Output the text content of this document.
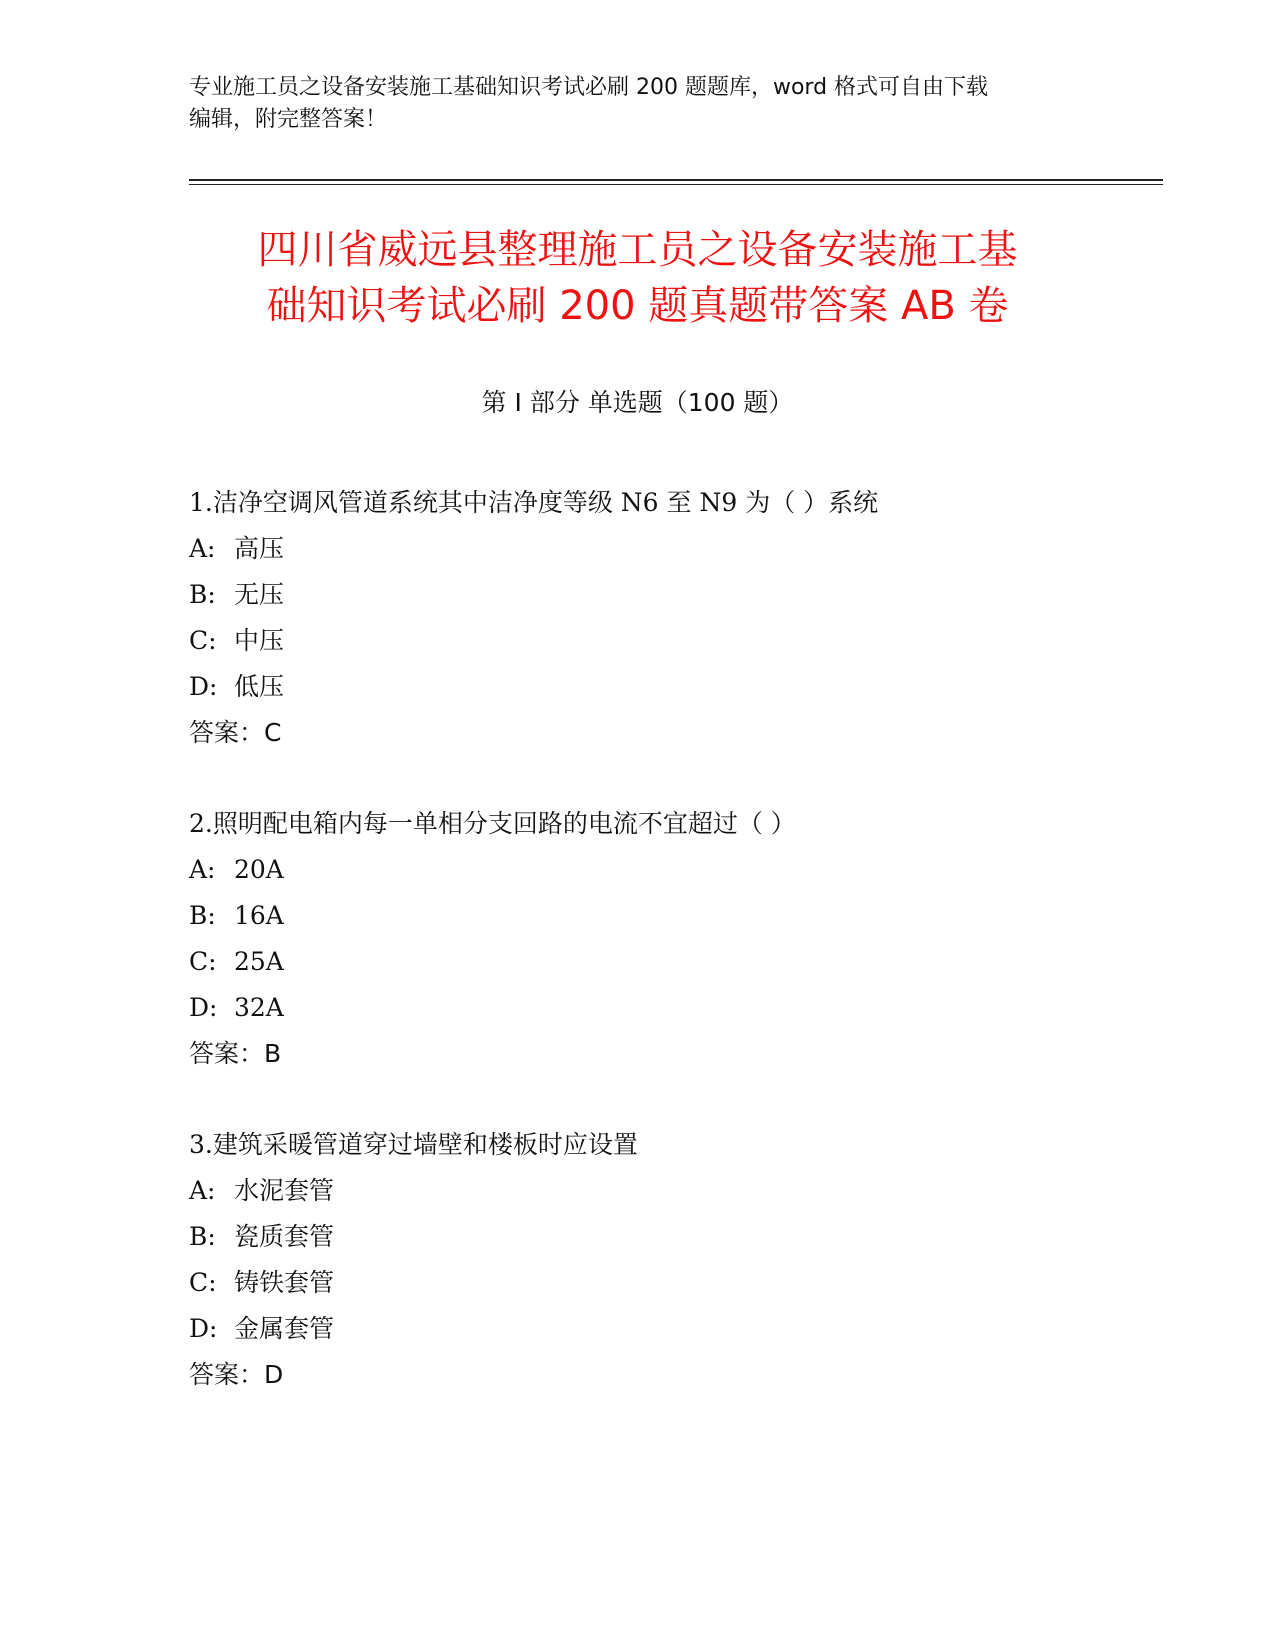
专业施工员之设备安装施工基础知识考试必刷 200 题题库，word 格式可自由下载
编辑，附完整答案！
四川省威远县整理施工员之设备安装施工基
础知识考试必刷 200 题真题带答案 AB 卷
第 I 部分 单选题（100 题）
1.洁净空调风管道系统其中洁净度等级 N6 至 N9 为（ ）系统
A: 高压
B: 无压
C: 中压
D: 低压
答案：C
2.照明配电箱内每一单相分支回路的电流不宜超过（ ）
A: 20A
B: 16A
C: 25A
D: 32A
答案：B
3.建筑采暖管道穿过墙壁和楼板时应设置
A: 水泥套管
B: 瓷质套管
C: 铸铁套管
D: 金属套管
答案：D
